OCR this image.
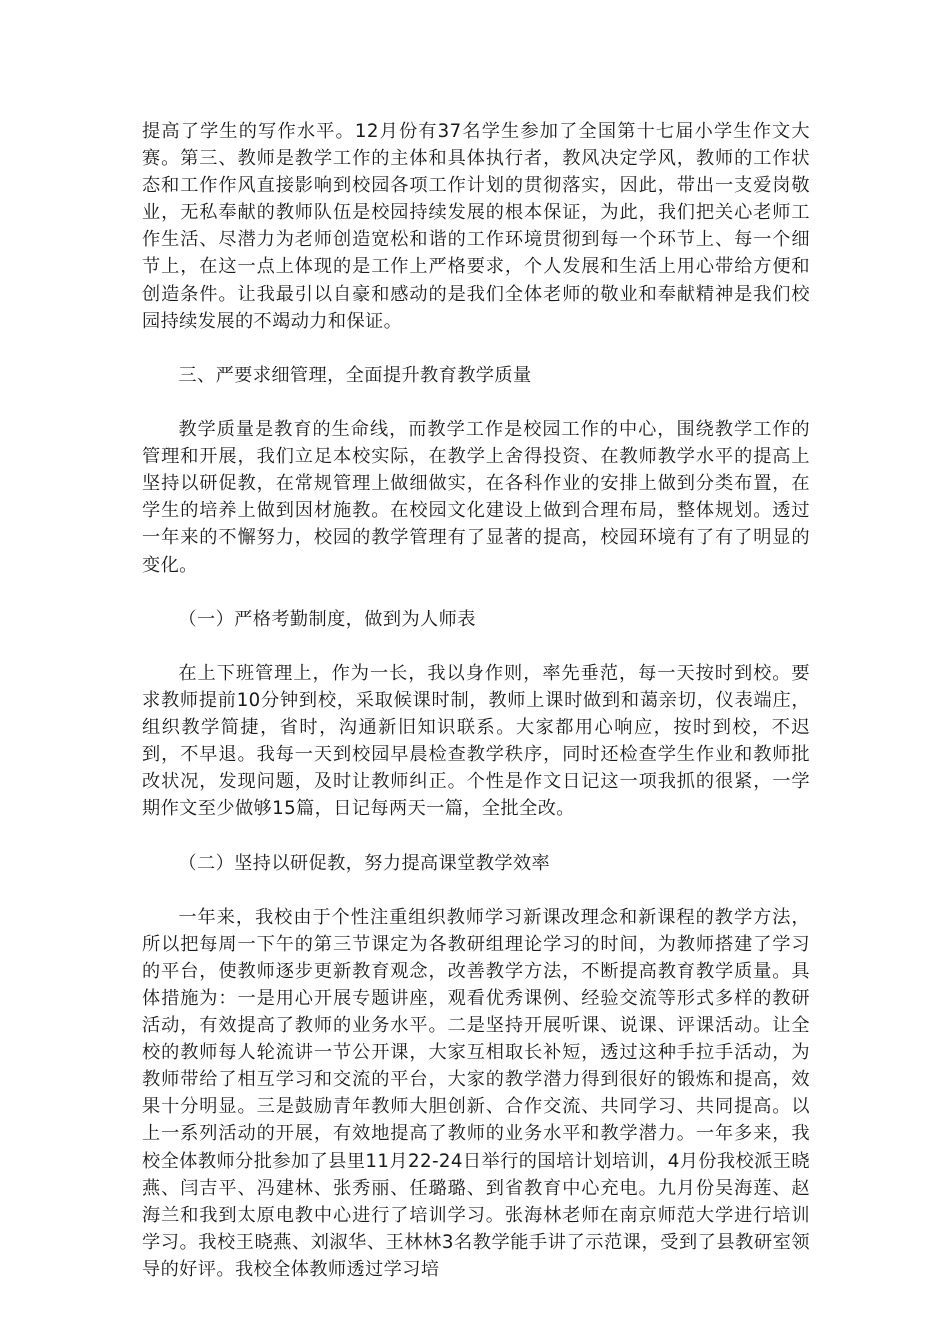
提高了学生的写作水平。12月份有37名学生参加了全国第十七届小学生作文大赛。第三、教师是教学工作的主体和具体执行者，教风决定学风，教师的工作状态和工作作风直接影响到校园各项工作计划的贯彻落实，因此，带出一支爱岗敬业，无私奉献的教师队伍是校园持续发展的根本保证，为此，我们把关心老师工作生活、尽潜力为老师创造宽松和谐的工作环境贯彻到每一个环节上、每一个细节上，在这一点上体现的是工作上严格要求，个人发展和生活上用心带给方便和创造条件。让我最引以自豪和感动的是我们全体老师的敬业和奉献精神是我们校园持续发展的不竭动力和保证。

三、严要求细管理，全面提升教育教学质量

教学质量是教育的生命线，而教学工作是校园工作的中心，围绕教学工作的管理和开展，我们立足本校实际，在教学上舍得投资、在教师教学水平的提高上坚持以研促教，在常规管理上做细做实，在各科作业的安排上做到分类布置，在学生的培养上做到因材施教。在校园文化建设上做到合理布局，整体规划。透过一年来的不懈努力，校园的教学管理有了显著的提高，校园环境有了有了明显的变化。

（一）严格考勤制度，做到为人师表

在上下班管理上，作为一长，我以身作则，率先垂范，每一天按时到校。要求教师提前10分钟到校，采取候课时制，教师上课时做到和蔼亲切，仪表端庄，组织教学简捷，省时，沟通新旧知识联系。大家都用心响应，按时到校，不迟到，不早退。我每一天到校园早晨检查教学秩序，同时还检查学生作业和教师批改状况，发现问题，及时让教师纠正。个性是作文日记这一项我抓的很紧，一学期作文至少做够15篇，日记每两天一篇，全批全改。

（二）坚持以研促教，努力提高课堂教学效率

一年来，我校由于个性注重组织教师学习新课改理念和新课程的教学方法，所以把每周一下午的第三节课定为各教研组理论学习的时间，为教师搭建了学习的平台，使教师逐步更新教育观念，改善教学方法，不断提高教育教学质量。具体措施为：一是用心开展专题讲座，观看优秀课例、经验交流等形式多样的教研活动，有效提高了教师的业务水平。二是坚持开展听课、说课、评课活动。让全校的教师每人轮流讲一节公开课，大家互相取长补短，透过这种手拉手活动，为教师带给了相互学习和交流的平台，大家的教学潜力得到很好的锻炼和提高，效果十分明显。三是鼓励青年教师大胆创新、合作交流、共同学习、共同提高。以上一系列活动的开展，有效地提高了教师的业务水平和教学潜力。一年多来，我校全体教师分批参加了县里11月22-24日举行的国培计划培训，4月份我校派王晓燕、闫吉平、冯建林、张秀丽、任璐璐、到省教育中心充电。九月份吴海莲、赵海兰和我到太原电教中心进行了培训学习。张海林老师在南京师范大学进行培训学习。我校王晓燕、刘淑华、王林林3名教学能手讲了示范课，受到了县教研室领导的好评。我校全体教师透过学习培
